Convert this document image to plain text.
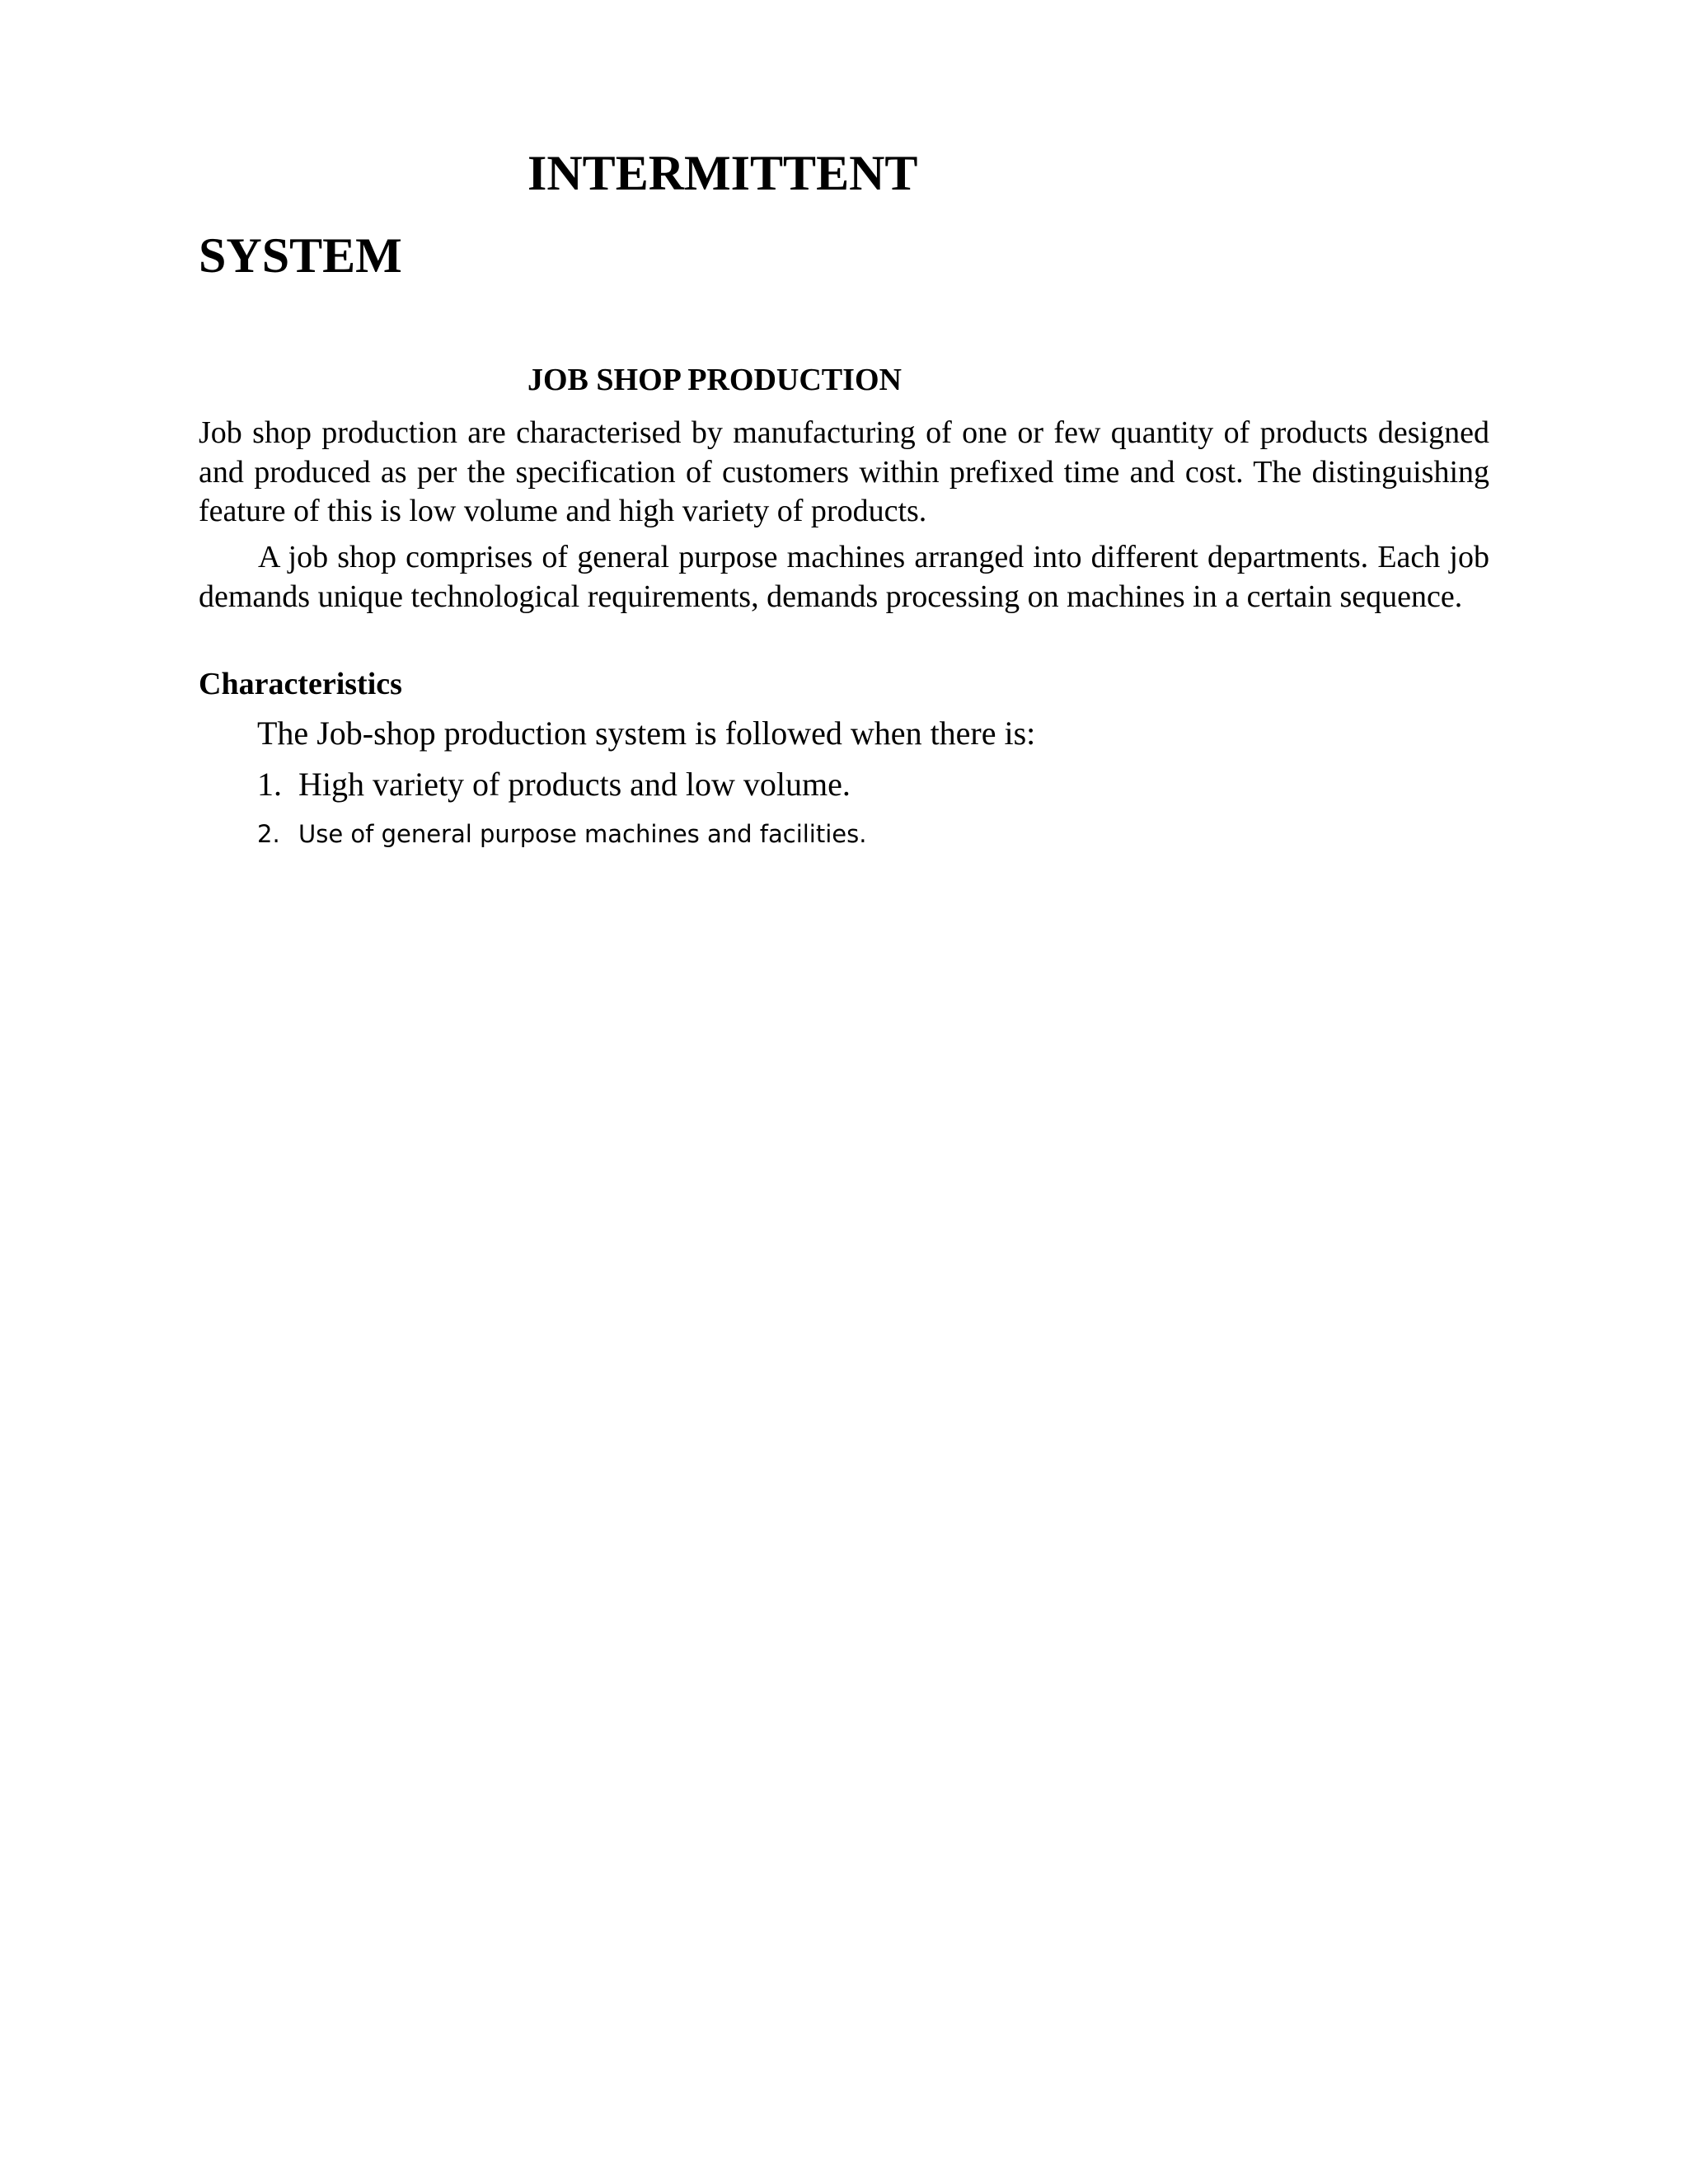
INTERMITTENT
SYSTEM
JOB SHOP PRODUCTION
Job shop production are characterised by manufacturing of one or few quantity of products designed and produced as per the specification of customers within prefixed time and cost. The distinguishing feature of this is low volume and high variety of products.
A job shop comprises of general purpose machines arranged into different departments. Each job demands unique technological requirements, demands processing on machines in a certain sequence.
Characteristics
The Job-shop production system is followed when there is:
1. High variety of products and low volume.
2. Use of general purpose machines and facilities.
